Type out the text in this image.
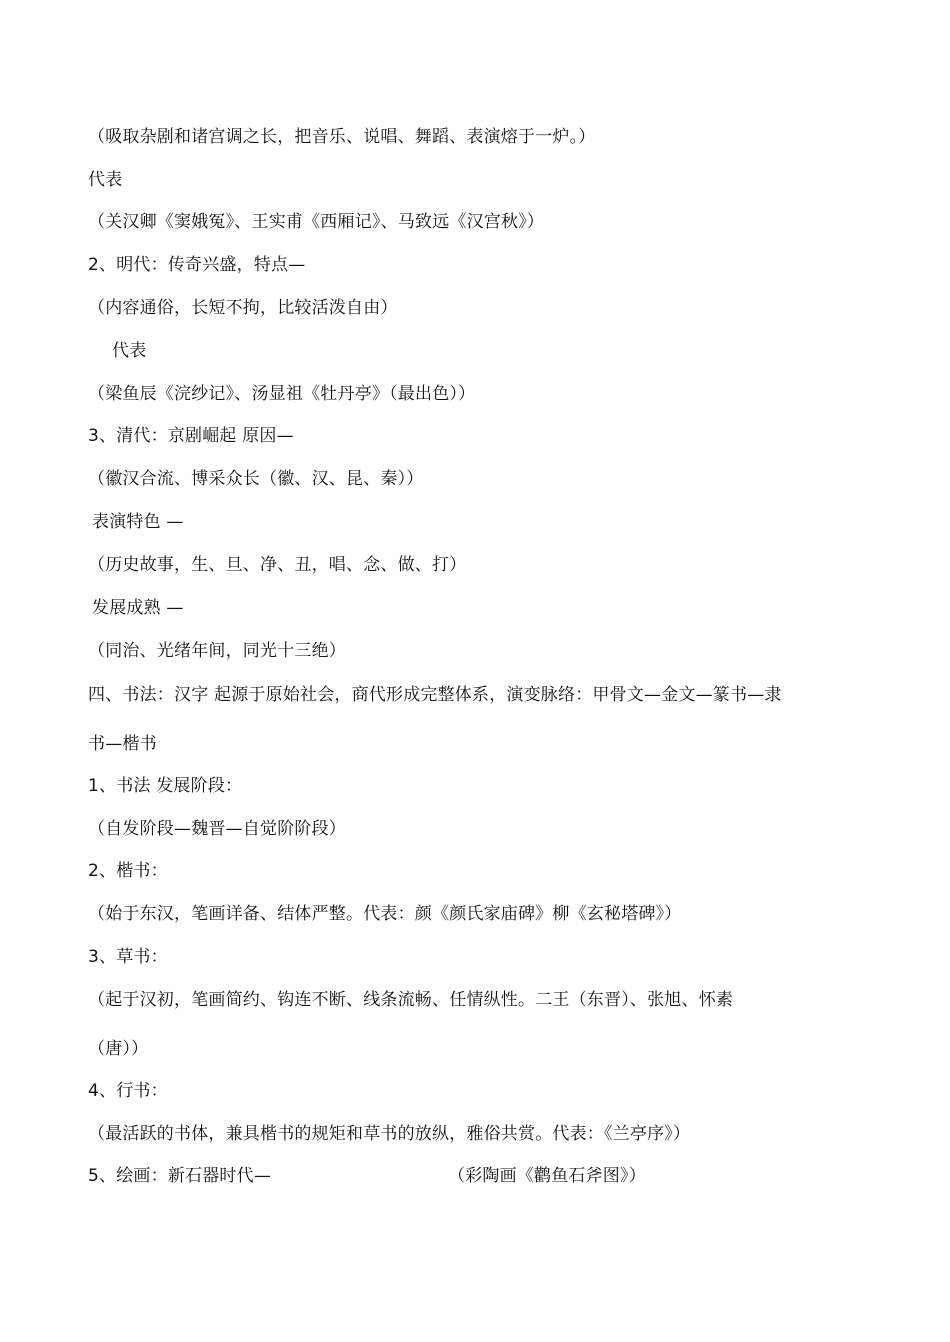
（吸取杂剧和诸宫调之长，把音乐、说唱、舞蹈、表演熔于一炉。）
代表
（关汉卿《窦娥冤》、王实甫《西厢记》、马致远《汉宫秋》）
2、明代：传奇兴盛，特点—
（内容通俗，长短不拘，比较活泼自由）
代表
（梁鱼辰《浣纱记》、汤显祖《牡丹亭》（最出色））
3、清代：京剧崛起 原因—
（徽汉合流、博采众长（徽、汉、昆、秦））
表演特色 —
（历史故事，生、旦、净、丑，唱、念、做、打）
发展成熟 —
（同治、光绪年间，同光十三绝）
四、书法：汉字 起源于原始社会，商代形成完整体系，演变脉络：甲骨文—金文—篆书—隶
书—楷书
1、书法 发展阶段：
（自发阶段—魏晋—自觉阶阶段）
2、楷书：
（始于东汉，笔画详备、结体严整。代表：颜《颜氏家庙碑》柳《玄秘塔碑》）
3、草书：
（起于汉初，笔画简约、钩连不断、线条流畅、任情纵性。二王（东晋）、张旭、怀素
（唐））
4、行书：
（最活跃的书体，兼具楷书的规矩和草书的放纵，雅俗共赏。代表：《兰亭序》）
5、绘画：新石器时代—	（彩陶画《鹳鱼石斧图》）
